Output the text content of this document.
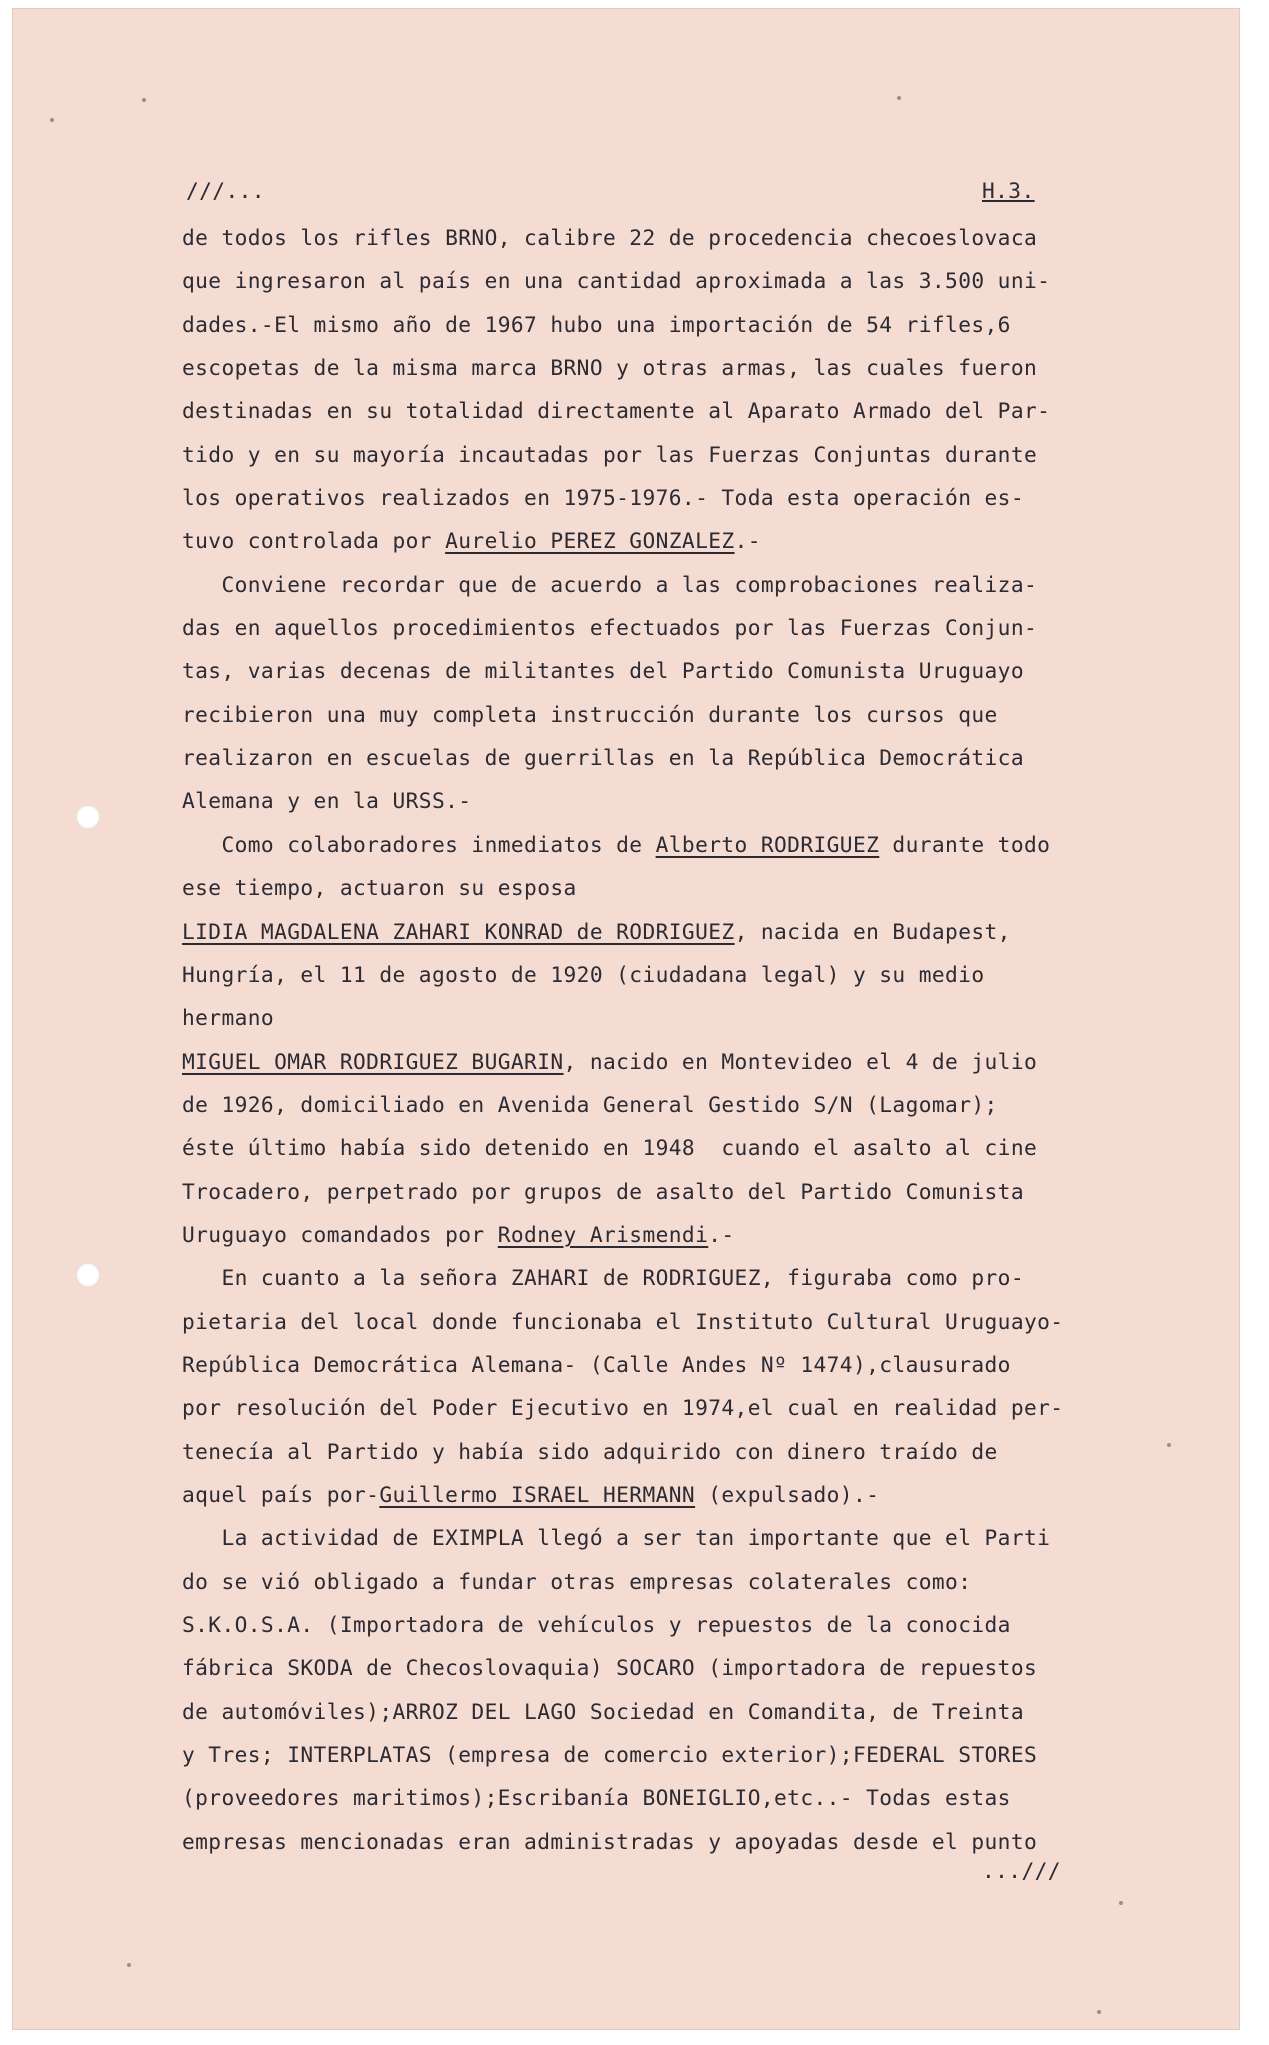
///...	H.3.
de todos los rifles BRNO, calibre 22 de procedencia checoeslovaca
que ingresaron al país en una cantidad aproximada a las 3.500 uni-
dades.-El mismo año de 1967 hubo una importación de 54 rifles,6
escopetas de la misma marca BRNO y otras armas, las cuales fueron
destinadas en su totalidad directamente al Aparato Armado del Par-
tido y en su mayoría incautadas por las Fuerzas Conjuntas durante
los operativos realizados en 1975-1976.- Toda esta operación es-
tuvo controlada por Aurelio PEREZ GONZALEZ.-
Conviene recordar que de acuerdo a las comprobaciones realiza-
das en aquellos procedimientos efectuados por las Fuerzas Conjun-
tas, varias decenas de militantes del Partido Comunista Uruguayo
recibieron una muy completa instrucción durante los cursos que
realizaron en escuelas de guerrillas en la República Democrática
Alemana y en la URSS.-
Como colaboradores inmediatos de Alberto RODRIGUEZ durante todo
ese tiempo, actuaron su esposa
LIDIA MAGDALENA ZAHARI KONRAD de RODRIGUEZ, nacida en Budapest,
Hungría, el 11 de agosto de 1920 (ciudadana legal) y su medio
hermano
MIGUEL OMAR RODRIGUEZ BUGARIN, nacido en Montevideo el 4 de julio
de 1926, domiciliado en Avenida General Gestido S/N (Lagomar);
éste último había sido detenido en 1948  cuando el asalto al cine
Trocadero, perpetrado por grupos de asalto del Partido Comunista
Uruguayo comandados por Rodney Arismendi.-
En cuanto a la señora ZAHARI de RODRIGUEZ, figuraba como pro-
pietaria del local donde funcionaba el Instituto Cultural Uruguayo-
República Democrática Alemana- (Calle Andes Nº 1474),clausurado
por resolución del Poder Ejecutivo en 1974,el cual en realidad per-
tenecía al Partido y había sido adquirido con dinero traído de
aquel país por-Guillermo ISRAEL HERMANN (expulsado).-
La actividad de EXIMPLA llegó a ser tan importante que el Parti
do se vió obligado a fundar otras empresas colaterales como:
S.K.O.S.A. (Importadora de vehículos y repuestos de la conocida
fábrica SKODA de Checoslovaquia) SOCARO (importadora de repuestos
de automóviles);ARROZ DEL LAGO Sociedad en Comandita, de Treinta
y Tres; INTERPLATAS (empresa de comercio exterior);FEDERAL STORES
(proveedores maritimos);Escribanía BONEIGLIO,etc..- Todas estas
empresas mencionadas eran administradas y apoyadas desde el punto
...///
